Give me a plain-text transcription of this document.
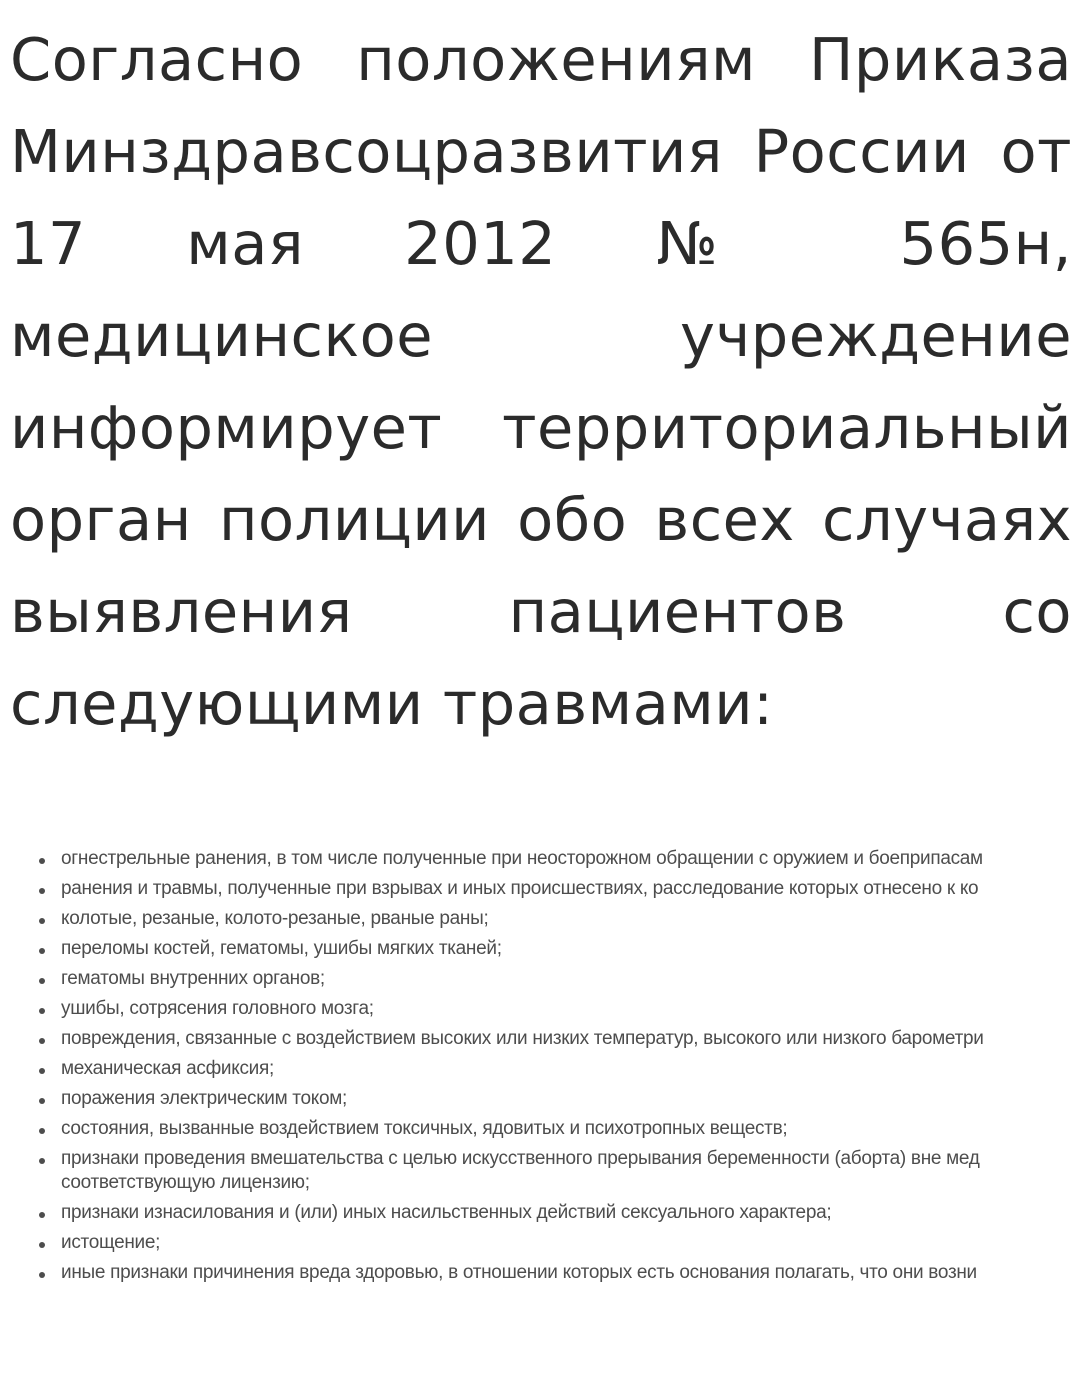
Согласно положениям Приказа Минздравсоцразвития России от 17 мая 2012 № 565н, медицинское учреждение информирует территориальный орган полиции обо всех случаях выявления пациентов со следующими травмами:

огнестрельные ранения, в том числе полученные при неосторожном обращении с оружием и боеприпасам
ранения и травмы, полученные при взрывах и иных происшествиях, расследование которых отнесено к ко
колотые, резаные, колото-резаные, рваные раны;
переломы костей, гематомы, ушибы мягких тканей;
гематомы внутренних органов;
ушибы, сотрясения головного мозга;
повреждения, связанные с воздействием высоких или низких температур, высокого или низкого барометри
механическая асфиксия;
поражения электрическим током;
состояния, вызванные воздействием токсичных, ядовитых и психотропных веществ;
признаки проведения вмешательства с целью искусственного прерывания беременности (аборта) вне мед
соответствующую лицензию;
признаки изнасилования и (или) иных насильственных действий сексуального характера;
истощение;
иные признаки причинения вреда здоровью, в отношении которых есть основания полагать, что они возни
